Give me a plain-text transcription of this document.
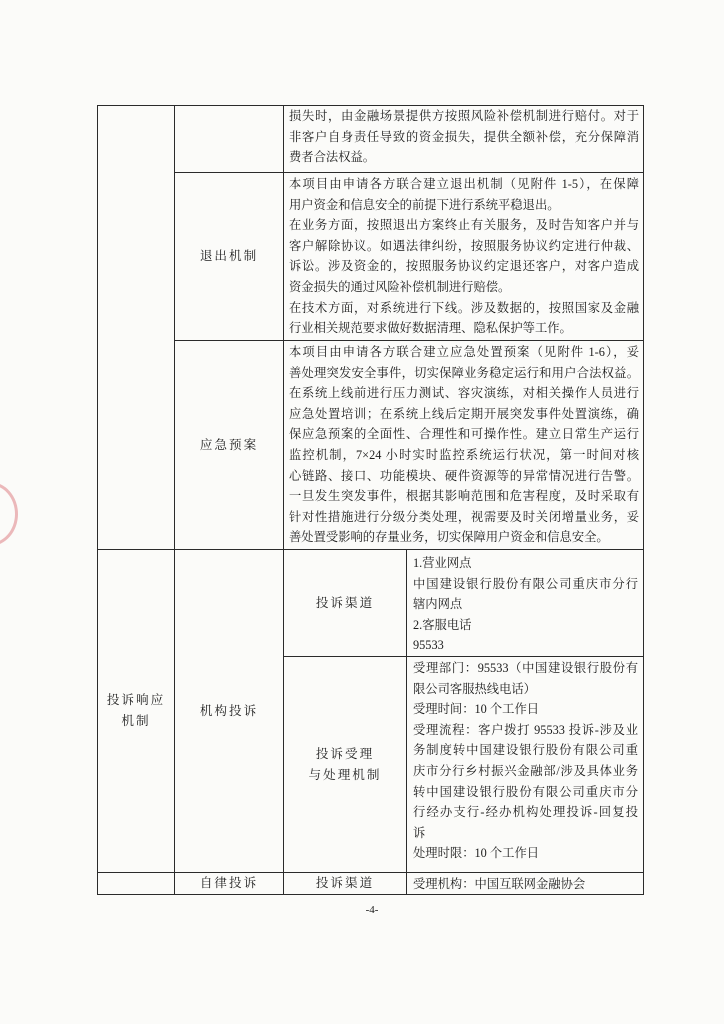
损失时，由金融场景提供方按照风险补偿机制进行赔付。对于
非客户自身责任导致的资金损失，提供全额补偿，充分保障消
费者合法权益。
退出机制
本项目由申请各方联合建立退出机制（见附件 1-5），在保障
用户资金和信息安全的前提下进行系统平稳退出。
在业务方面，按照退出方案终止有关服务，及时告知客户并与
客户解除协议。如遇法律纠纷，按照服务协议约定进行仲裁、
诉讼。涉及资金的，按照服务协议约定退还客户，对客户造成
资金损失的通过风险补偿机制进行赔偿。
在技术方面，对系统进行下线。涉及数据的，按照国家及金融
行业相关规范要求做好数据清理、隐私保护等工作。
应急预案
本项目由申请各方联合建立应急处置预案（见附件 1-6），妥
善处理突发安全事件，切实保障业务稳定运行和用户合法权益。
在系统上线前进行压力测试、容灾演练，对相关操作人员进行
应急处置培训；在系统上线后定期开展突发事件处置演练，确
保应急预案的全面性、合理性和可操作性。建立日常生产运行
监控机制，7×24 小时实时监控系统运行状况，第一时间对核
心链路、接口、功能模块、硬件资源等的异常情况进行告警。
一旦发生突发事件，根据其影响范围和危害程度，及时采取有
针对性措施进行分级分类处理，视需要及时关闭增量业务，妥
善处置受影响的存量业务，切实保障用户资金和信息安全。
投诉响应
机制
机构投诉
投诉渠道
1.营业网点
中国建设银行股份有限公司重庆市分行
辖内网点
2.客服电话
95533
投诉受理
与处理机制
受理部门：95533（中国建设银行股份有
限公司客服热线电话）
受理时间：10 个工作日
受理流程：客户拨打 95533 投诉-涉及业
务制度转中国建设银行股份有限公司重
庆市分行乡村振兴金融部/涉及具体业务
转中国建设银行股份有限公司重庆市分
行经办支行-经办机构处理投诉-回复投
诉
处理时限：10 个工作日
自律投诉	投诉渠道	受理机构：中国互联网金融协会
-4-
